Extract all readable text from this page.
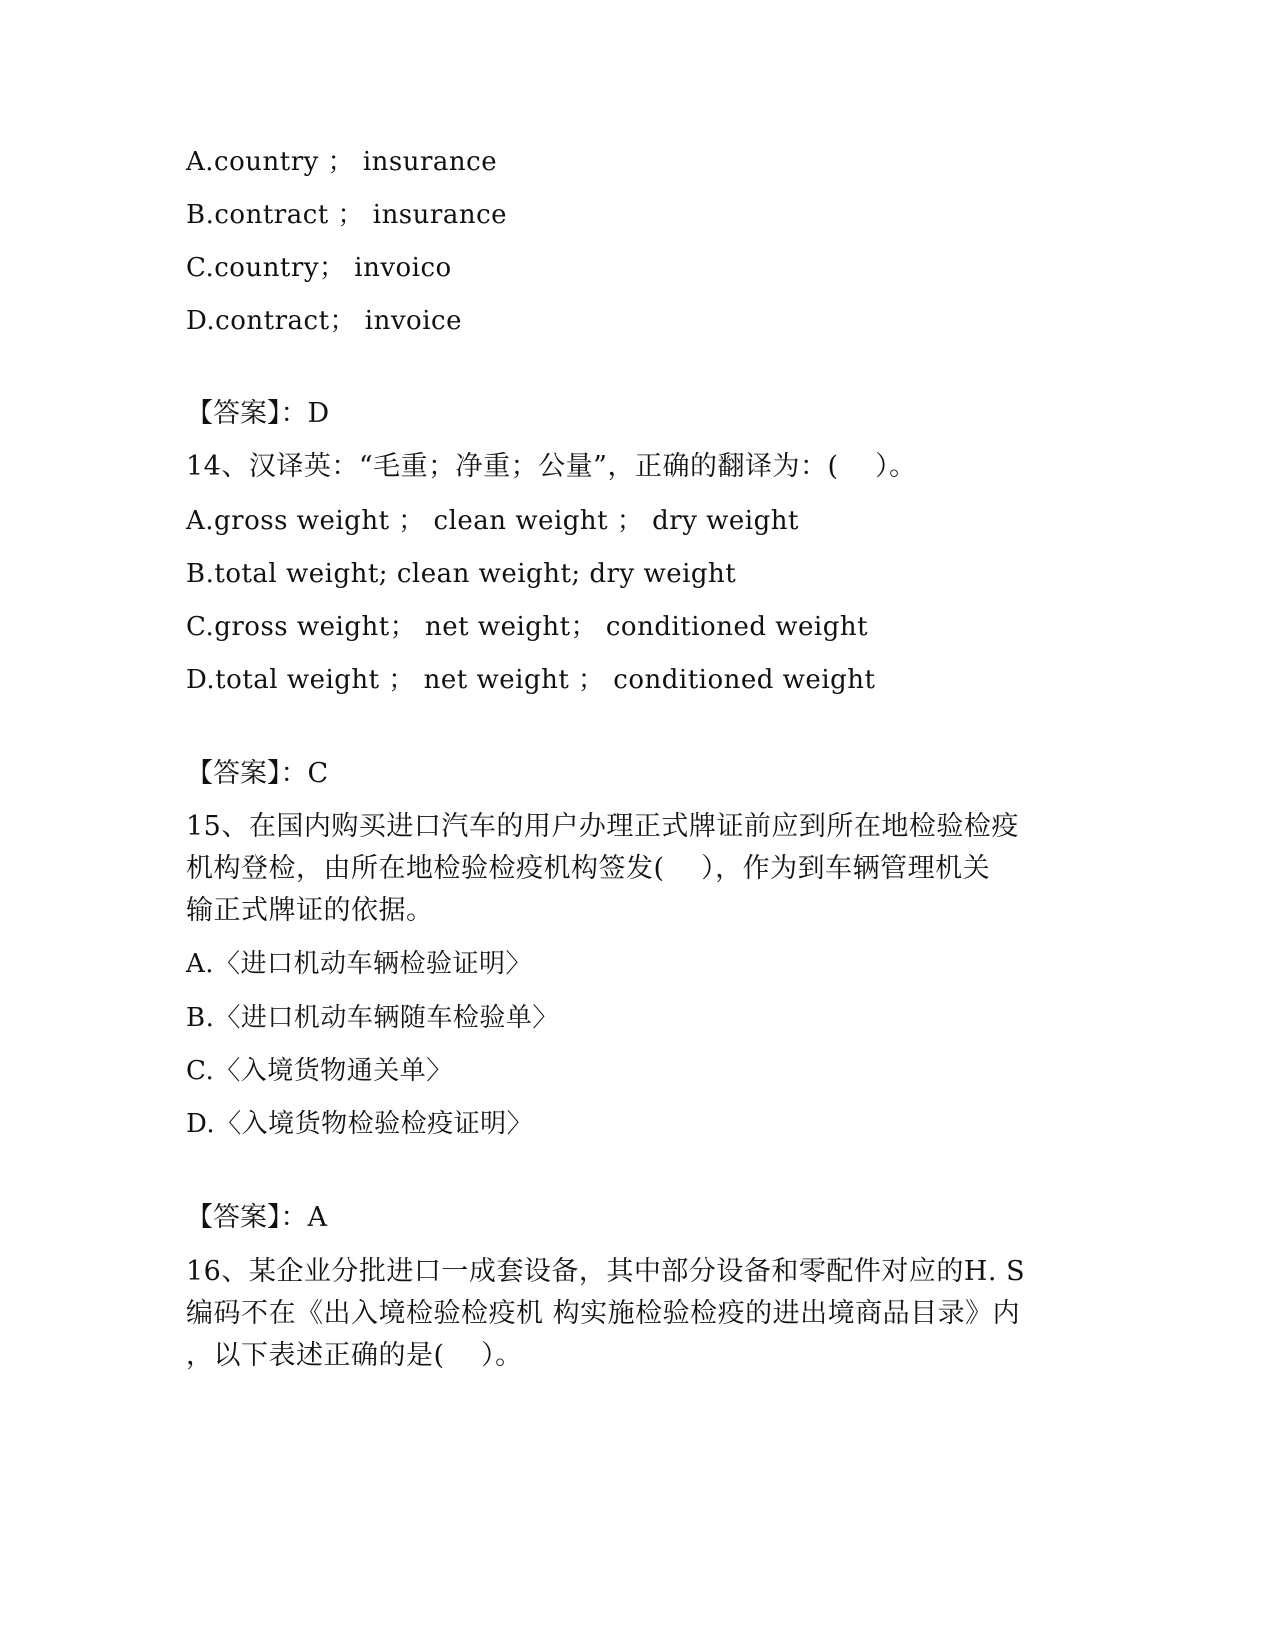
A.country ； insurance
B.contract ； insurance
C.country； invoico
D.contract； invoice
【答案】：D
14、汉译英：“毛重；净重；公量”，正确的翻译为：(　 ）。
A.gross weight ； clean weight ； dry weight
B.total weight; clean weight; dry weight
C.gross weight； net weight； conditioned weight
D.total weight ； net weight ； conditioned weight
【答案】：C
15、在国内购买进口汽车的用户办理正式牌证前应到所在地检验检疫
机构登检，由所在地检验检疫机构签发(　 ），作为到车辆管理机关
输正式牌证的依据。
A.〈进口机动车辆检验证明〉
B.〈进口机动车辆随车检验单〉
C.〈入境货物通关单〉
D.〈入境货物检验检疫证明〉
【答案】：A
16、某企业分批进口一成套设备，其中部分设备和零配件对应的H. S
编码不在《出入境检验检疫机 构实施检验检疫的进出境商品目录》内
，以下表述正确的是(　 ）。
